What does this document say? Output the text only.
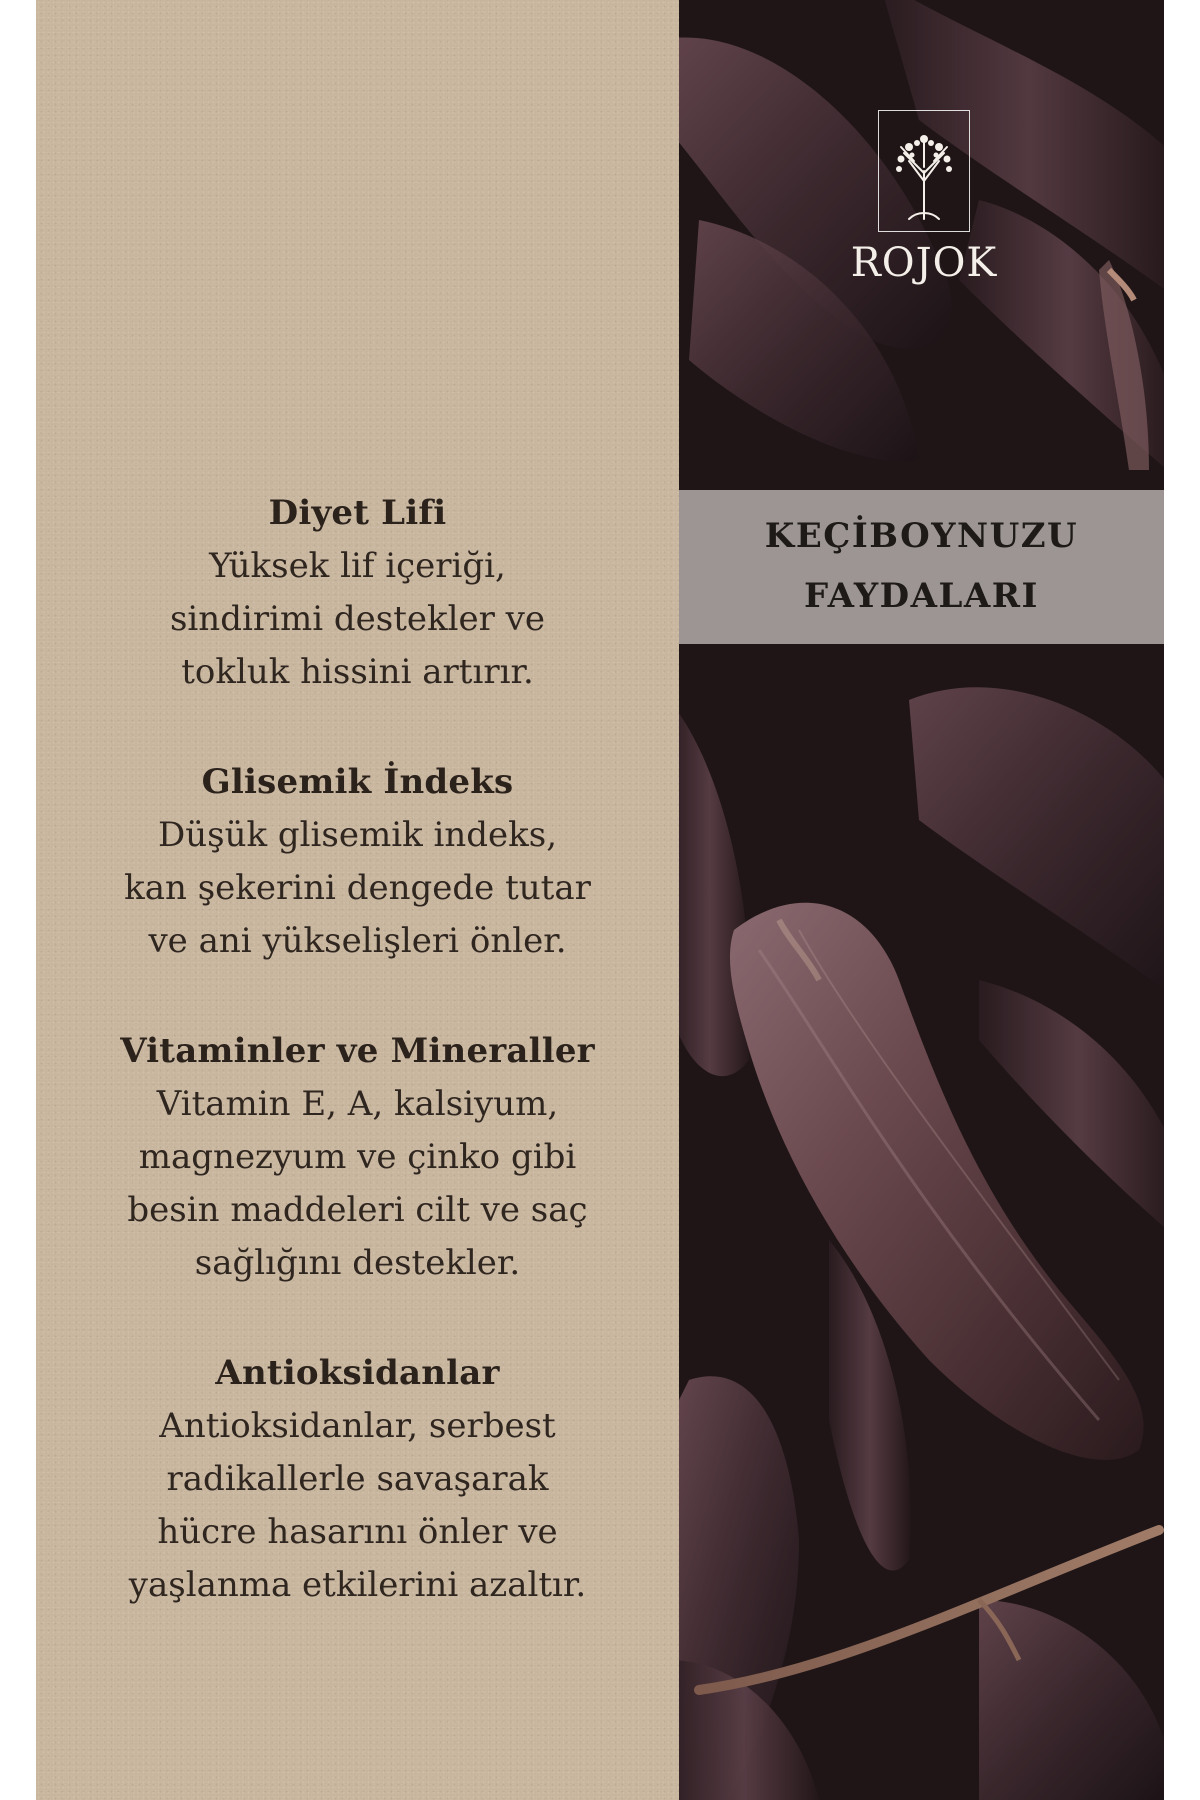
Diyet Lifi

Yüksek lif içeriği,

sindirimi destekler ve

tokluk hissini artırır.

Glisemik İndeks

Düşük glisemik indeks,

kan şekerini dengede tutar

ve ani yükselişleri önler.

Vitaminler ve Mineraller

Vitamin E, A, kalsiyum,

magnezyum ve çinko gibi

besin maddeleri cilt ve saç

sağlığını destekler.

Antioksidanlar

Antioksidanlar, serbest

radikallerle savaşarak

hücre hasarını önler ve

yaşlanma etkilerini azaltır.

ROJOK
KEÇİBOYNUZU
FAYDALARI
